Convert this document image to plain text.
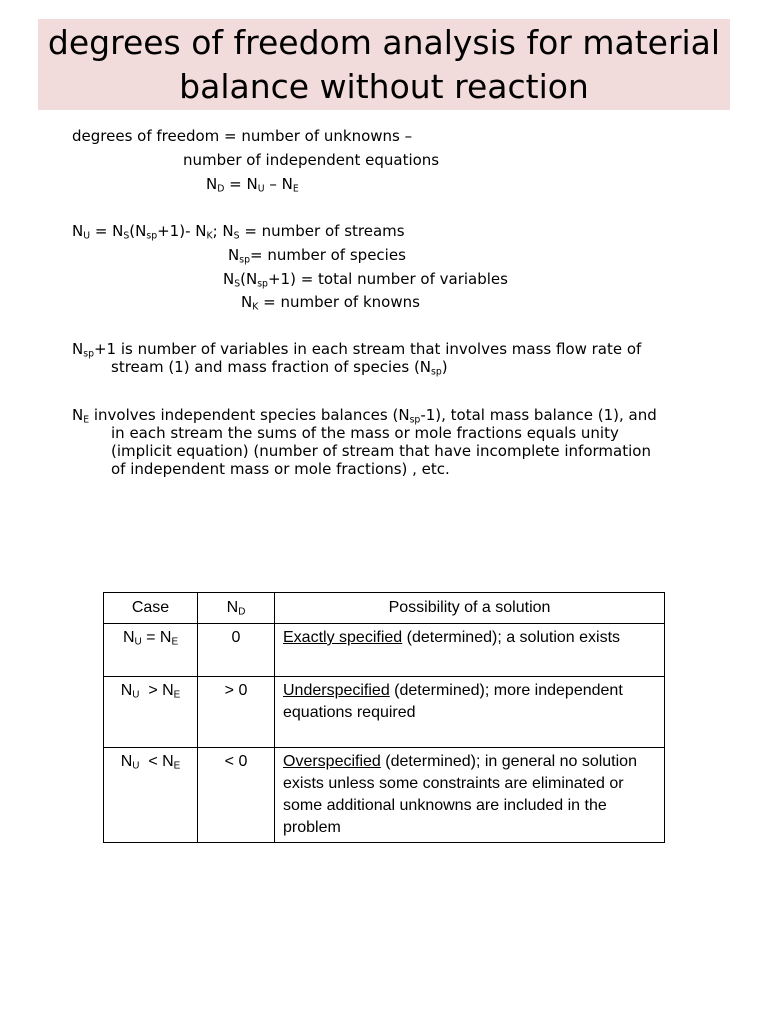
degrees of freedom analysis for material
balance without reaction
degrees of freedom = number of unknowns –
number of independent equations
$N_D = N_U - N_E$
$N_U = N_S(N_{sp}+1)-$ $N_K$; $N_S$ = number of streams
$N_{sp}=$ number of species
$N_S(N_{sp}+1)$ = total number of variables
$N_K$ = number of knowns
$N_{sp}+1$ is number of variables in each stream that involves mass flow rate of
stream (1) and mass fraction of species $(N_{sp})$
$N_E$ involves independent species balances $(N_{sp}-1)$, total mass balance (1), and
in each stream the sums of the mass or mole fractions equals unity
(implicit equation) (number of stream that have incomplete information
of independent mass or mole fractions) , etc.
Case	$N_D$	Possibility of a solution
$N_U = N_E$	0	Exactly specified (determined); a solution exists
$N_U > N_E$	> 0	Underspecified (determined); more independent equations required
$N_U < N_E$	< 0	Overspecified (determined); in general no solution exists unless some constraints are eliminated or some additional unknowns are included in the problem
